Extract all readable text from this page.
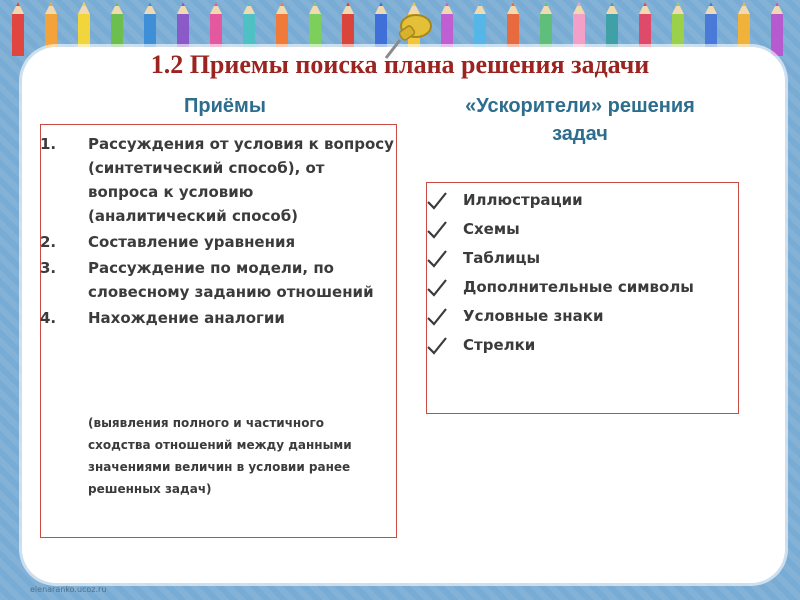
1.2 Приемы поиска плана решения задачи
Приёмы	«Ускорители» решения
задач
1.	Рассуждения от условия к вопросу (синтетический способ), от вопроса к условию (аналитический способ)
2.	Составление уравнения
3.	Рассуждение по модели, по словесному заданию отношений
4.	Нахождение аналогии
(выявления полного и частичного сходства отношений между данными значениями величин в условии ранее решенных задач)
Иллюстрации
Схемы
Таблицы
Дополнительные символы
Условные знаки
Стрелки
elenaranko.ucoz.ru
